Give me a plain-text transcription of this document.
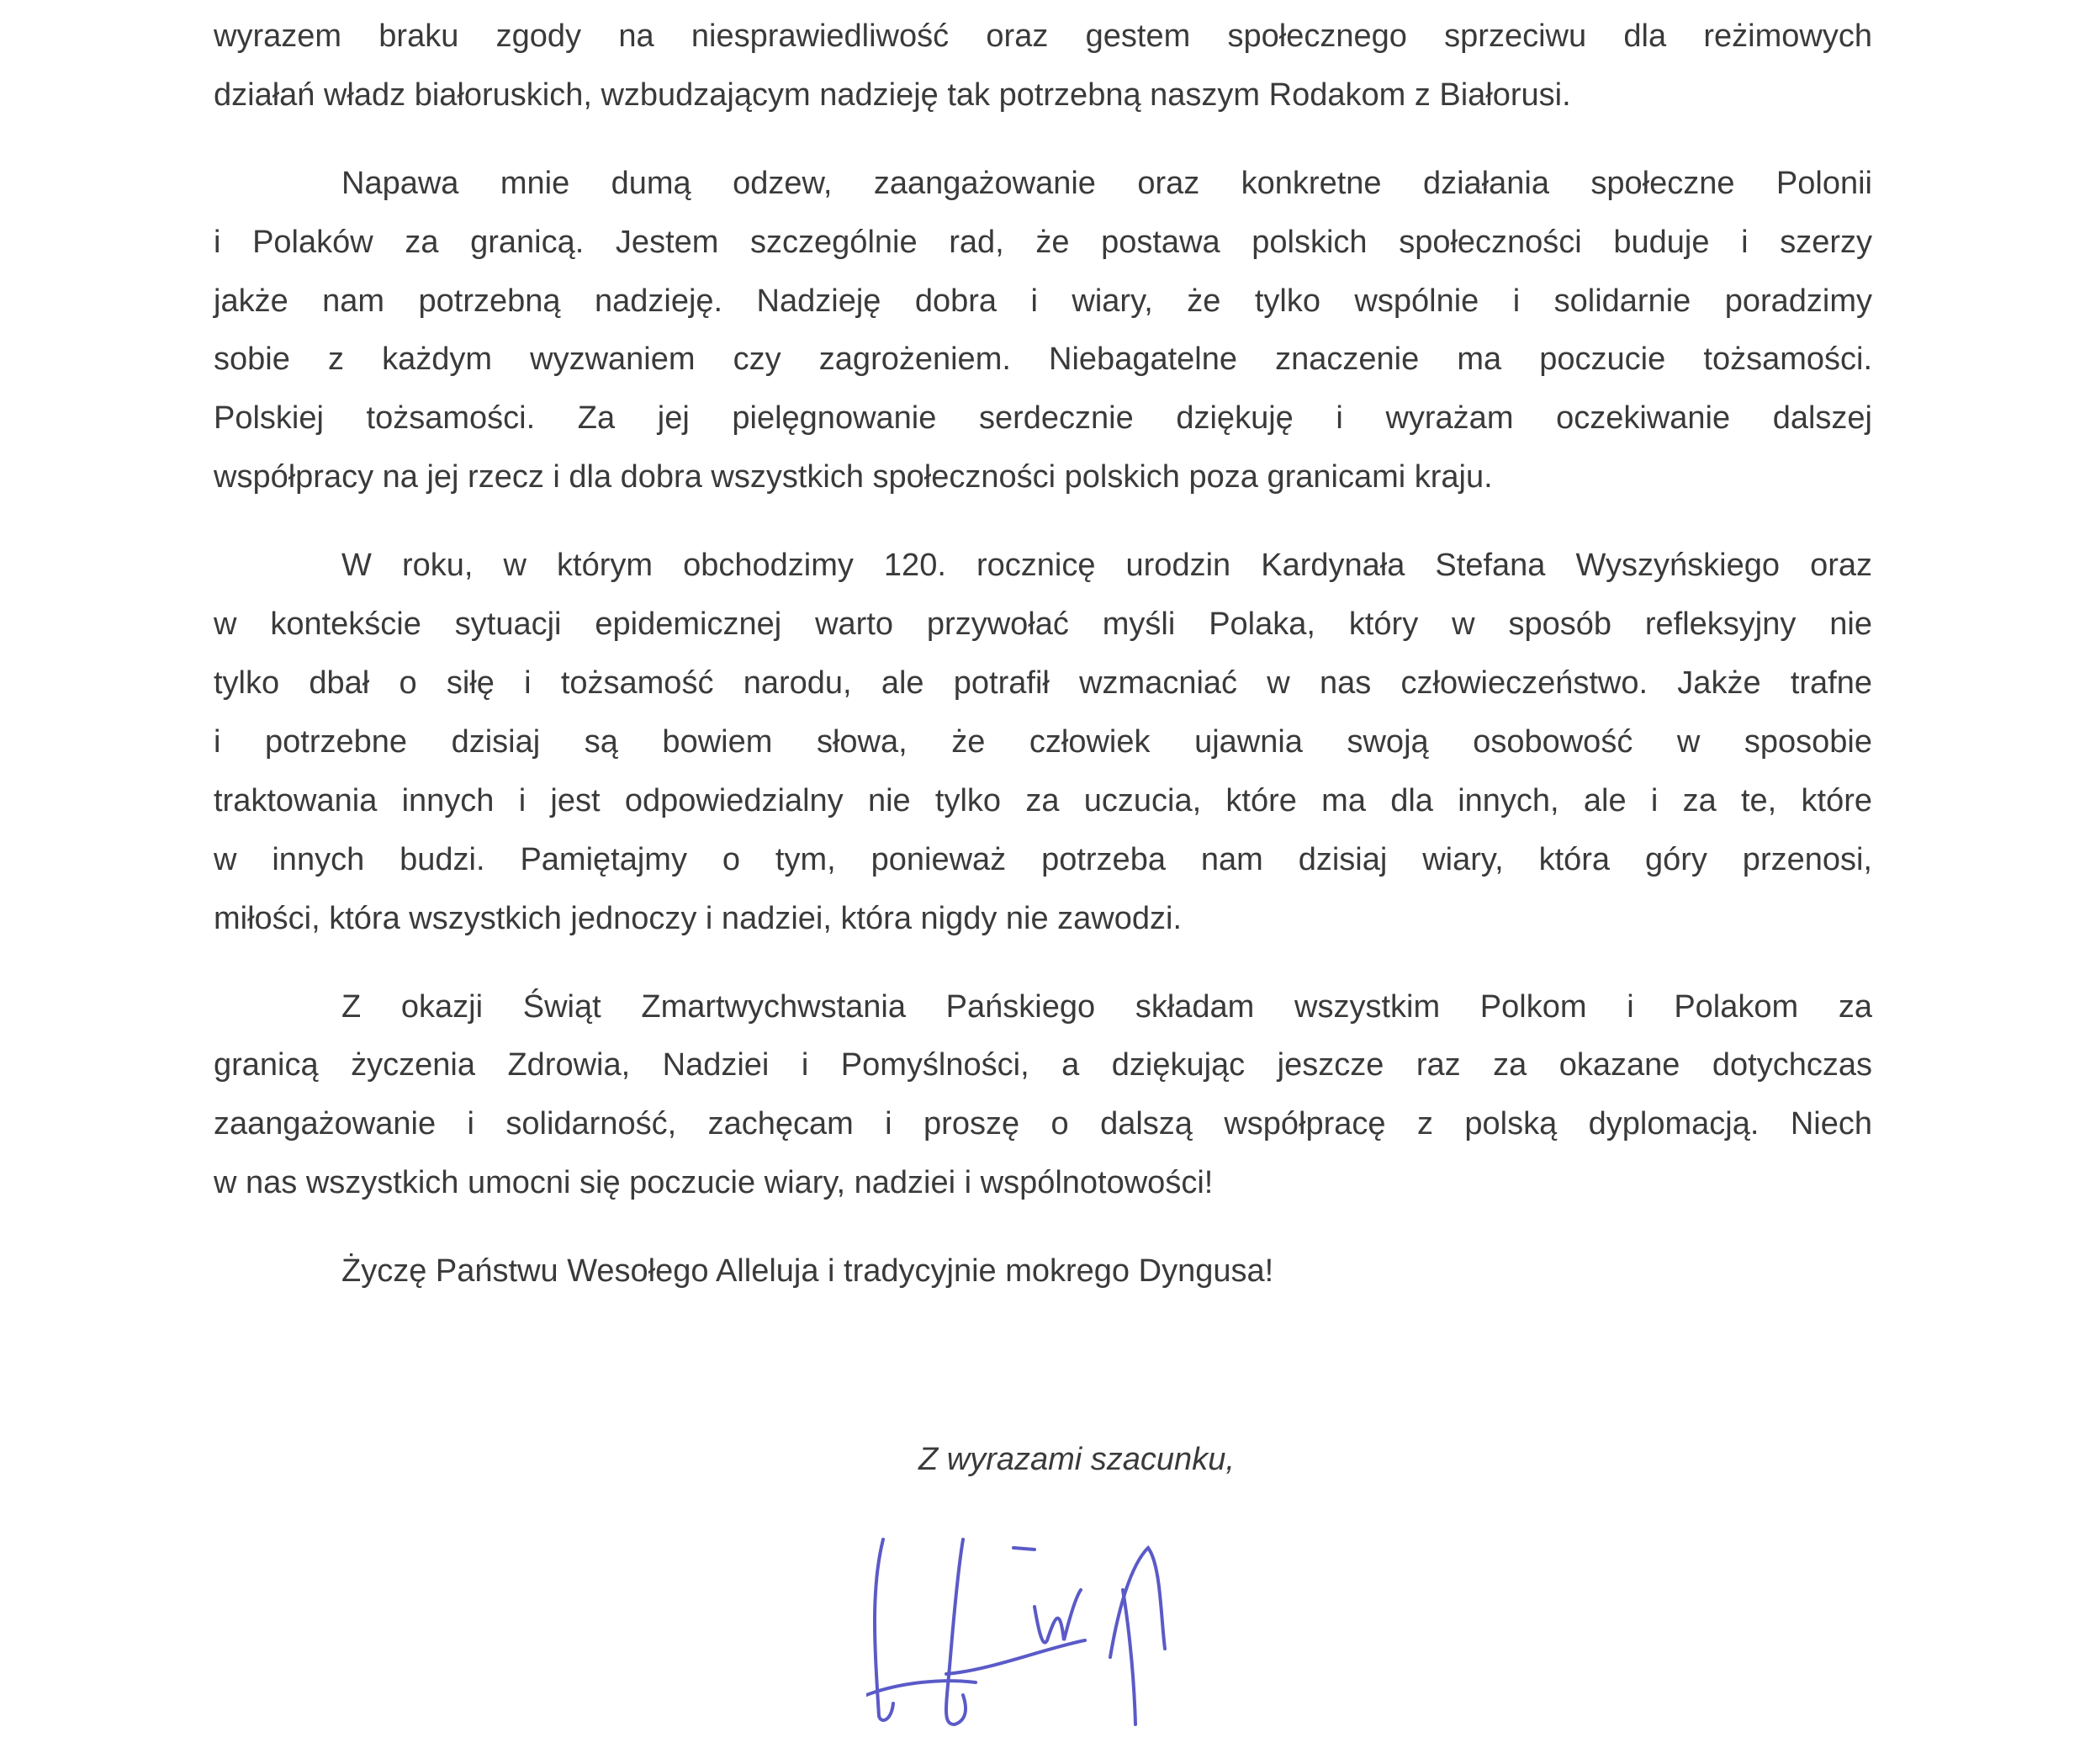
wyrazem braku zgody na niesprawiedliwość oraz gestem społecznego sprzeciwu dla reżimowych
działań władz białoruskich, wzbudzającym nadzieję tak potrzebną naszym Rodakom z Białorusi.
Napawa mnie dumą odzew, zaangażowanie oraz konkretne działania społeczne Polonii
i Polaków za granicą. Jestem szczególnie rad, że postawa polskich społeczności buduje i szerzy
jakże nam potrzebną nadzieję. Nadzieję dobra i wiary, że tylko wspólnie i solidarnie poradzimy
sobie z każdym wyzwaniem czy zagrożeniem. Niebagatelne znaczenie ma poczucie tożsamości.
Polskiej tożsamości. Za jej pielęgnowanie serdecznie dziękuję i wyrażam oczekiwanie dalszej
współpracy na jej rzecz i dla dobra wszystkich społeczności polskich poza granicami kraju.
W roku, w którym obchodzimy 120. rocznicę urodzin Kardynała Stefana Wyszyńskiego oraz
w kontekście sytuacji epidemicznej warto przywołać myśli Polaka, który w sposób refleksyjny nie
tylko dbał o siłę i tożsamość narodu, ale potrafił wzmacniać w nas człowieczeństwo. Jakże trafne
i potrzebne dzisiaj są bowiem słowa, że człowiek ujawnia swoją osobowość w sposobie
traktowania innych i jest odpowiedzialny nie tylko za uczucia, które ma dla innych, ale i za te, które
w innych budzi. Pamiętajmy o tym, ponieważ potrzeba nam dzisiaj wiary, która góry przenosi,
miłości, która wszystkich jednoczy i nadziei, która nigdy nie zawodzi.
Z okazji Świąt Zmartwychwstania Pańskiego składam wszystkim Polkom i Polakom za
granicą życzenia Zdrowia, Nadziei i Pomyślności, a dziękując jeszcze raz za okazane dotychczas
zaangażowanie i solidarność, zachęcam i proszę o dalszą współpracę z polską dyplomacją. Niech
w nas wszystkich umocni się poczucie wiary, nadziei i wspólnotowości!
Życzę Państwu Wesołego Alleluja i tradycyjnie mokrego Dyngusa!
Z wyrazami szacunku,
